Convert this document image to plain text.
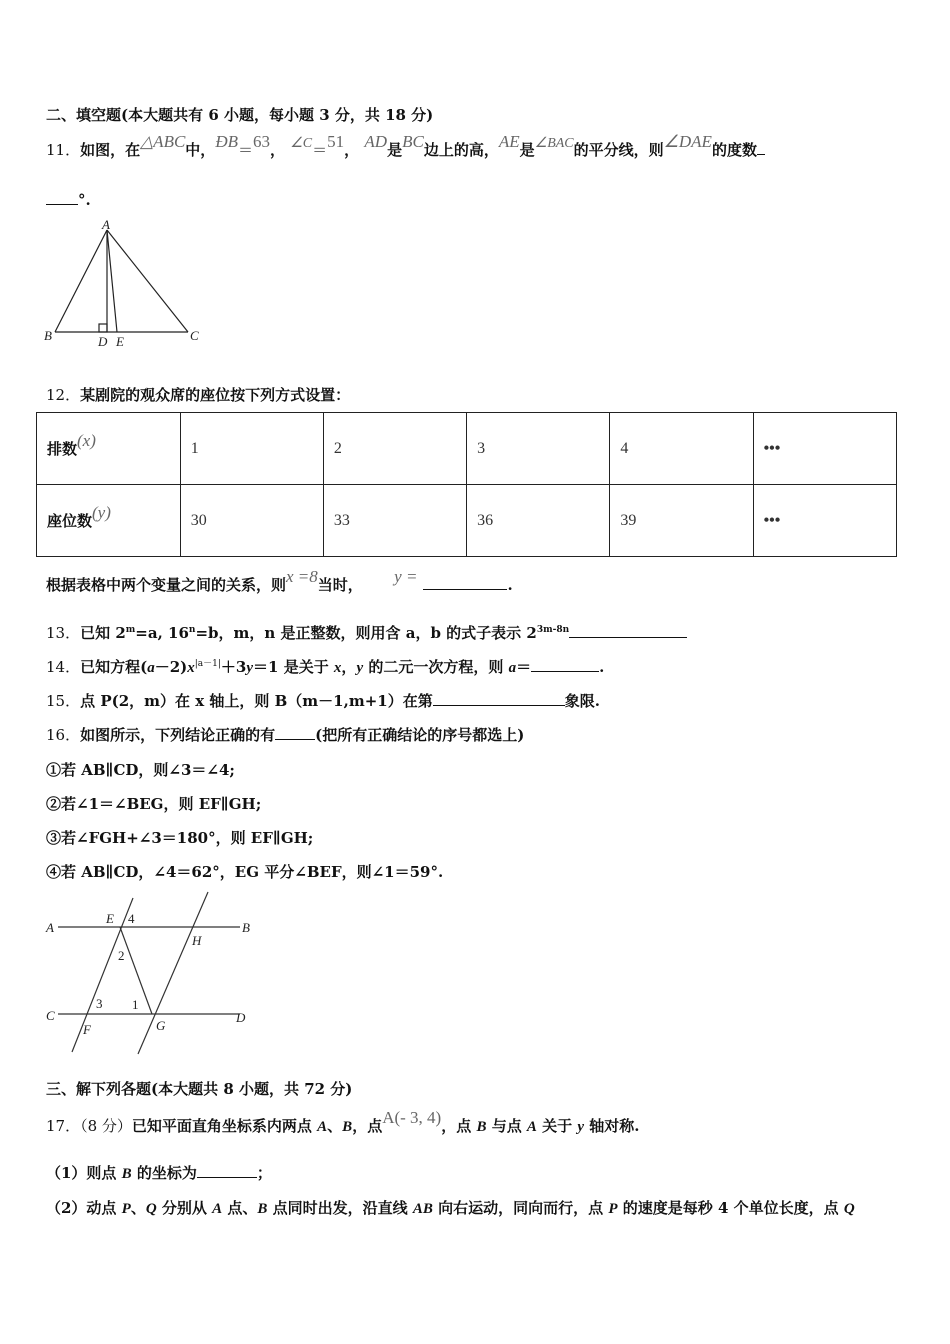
二、填空题(本大题共有 6 小题，每小题 3 分，共 18 分)
11．如图，在△ABC中，ÐB＝63， ∠C＝51， AD是BC边上的高，AE是∠BAC的平分线，则∠DAE的度数
°.
A
B	C
D E
12．某剧院的观众席的座位按下列方式设置：
排数(x)	1	2	3	4	•••
座位数(y)	30	33	36	39	•••
根据表格中两个变量之间的关系，则x =8当时， y =	.
13．已知 $2^m=a$, $16^n=b$，m，n 是正整数，则用含 a，b 的式子表示 $2^{3m-8n}$
14．已知方程$(a-2)x^{|a-1|}+3y=1$ 是关于 x，y 的二元一次方程，则 a＝	.
15．点 P(2，m）在 x 轴上，则 B（m－1,m+1）在第	象限.
16．如图所示，下列结论正确的有	(把所有正确结论的序号都选上)
①若 AB∥CD，则∠3＝∠4;
②若∠1＝∠BEG，则 EF∥GH;
③若∠FGH+∠3＝180°，则 EF∥GH;
④若 AB∥CD，∠4＝62°，EG 平分∠BEF，则∠1＝59°.
A	B
C	D
E
F	G
H
4
2
3 1
三、解下列各题(本大题共 8 小题，共 72 分)
17．（8 分）已知平面直角坐标系内两点 A、B，点A(- 3, 4)，点 B 与点 A 关于 y 轴对称.
（1）则点 B 的坐标为	；
（2）动点 P、Q 分别从 A 点、B 点同时出发，沿直线 AB 向右运动，同向而行，点 P 的速度是每秒 4 个单位长度，点 Q
